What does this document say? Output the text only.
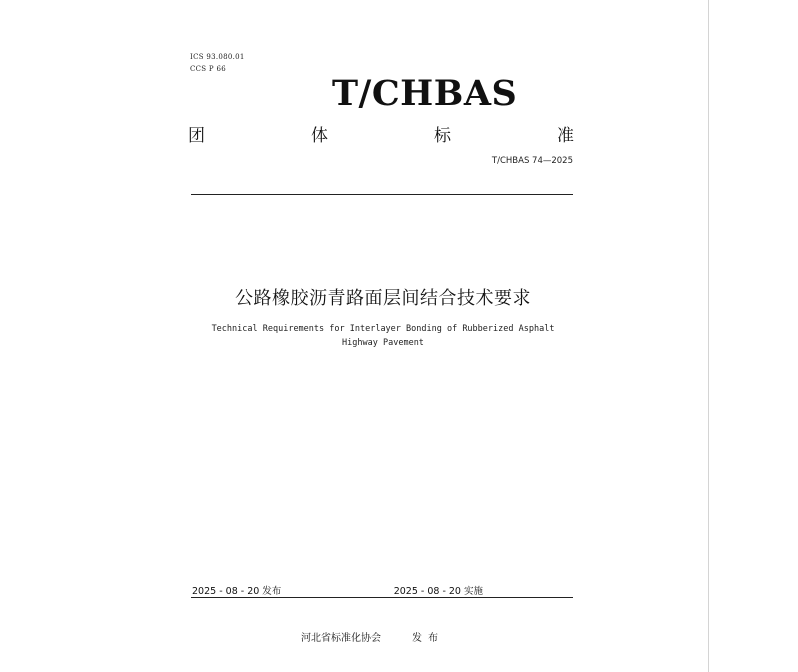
ICS 93.080.01
CCS P 66
T/CHBAS
团	体	标	准
T/CHBAS 74—2025
公路橡胶沥青路面层间结合技术要求
Technical Requirements for Interlayer Bonding of Rubberized Asphalt
Highway Pavement
2025 - 08 - 20 发布	2025 - 08 - 20 实施
河北省标准化协会	发布
